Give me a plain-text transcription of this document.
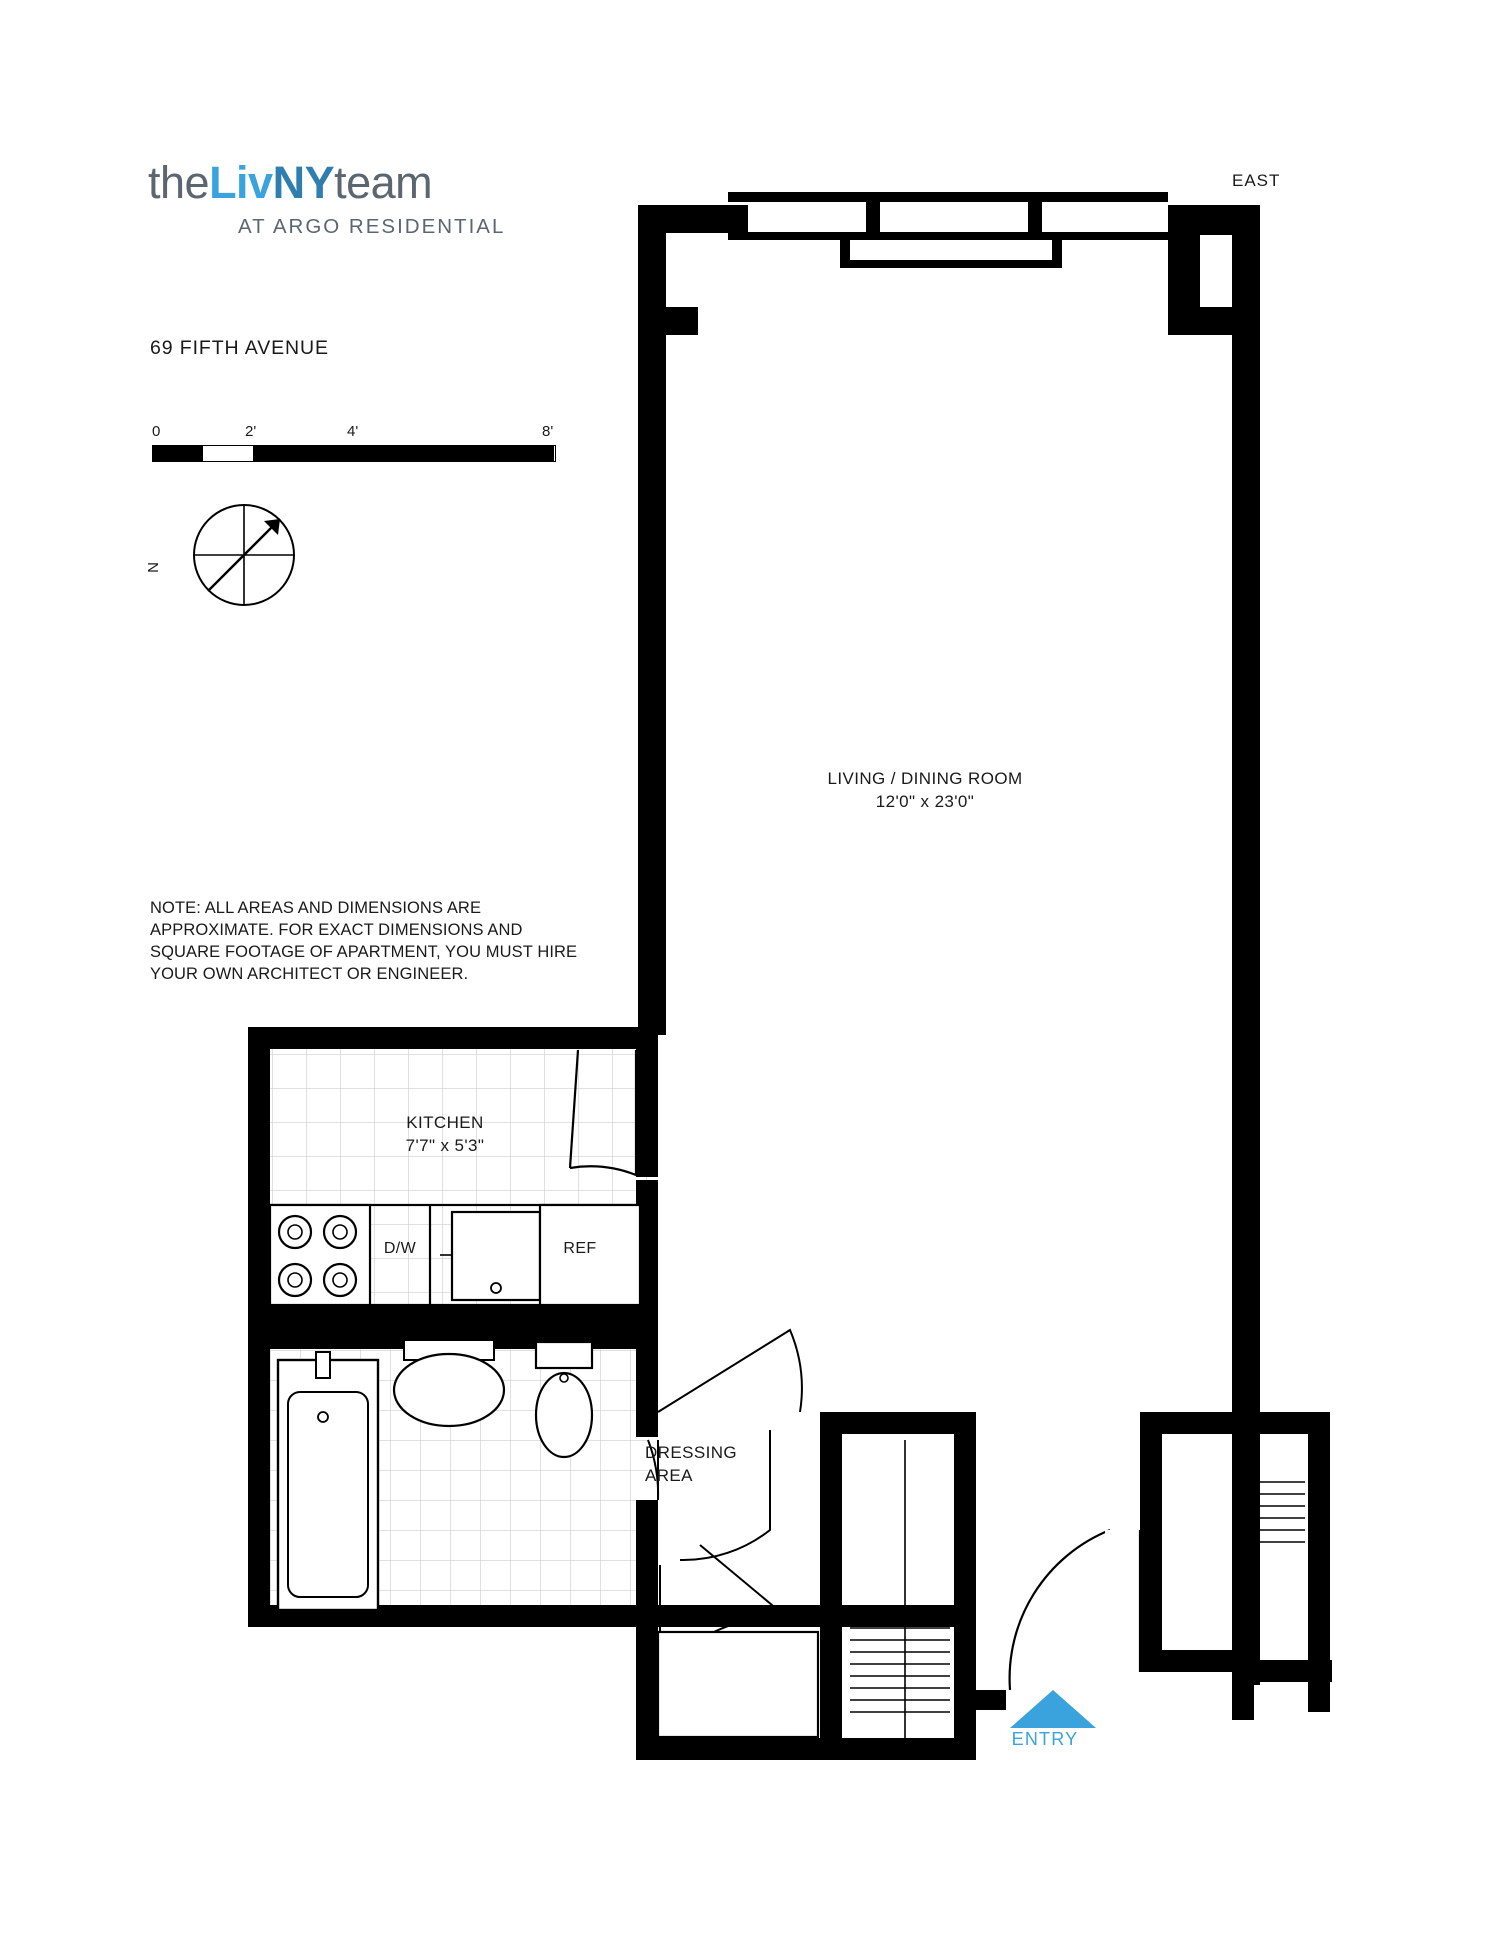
theLivNYteam
AT ARGO RESIDENTIAL
69 FIFTH AVENUE
0	2'	4'	8'
N
NOTE: ALL AREAS AND DIMENSIONS ARE APPROXIMATE. FOR EXACT DIMENSIONS AND SQUARE FOOTAGE OF APARTMENT, YOU MUST HIRE YOUR OWN ARCHITECT OR ENGINEER.
EAST
LIVING / DINING ROOM
12'0" x 23'0"
KITCHEN
7'7" x 5'3"
D/W	REF
DRESSING
AREA
ENTRY
